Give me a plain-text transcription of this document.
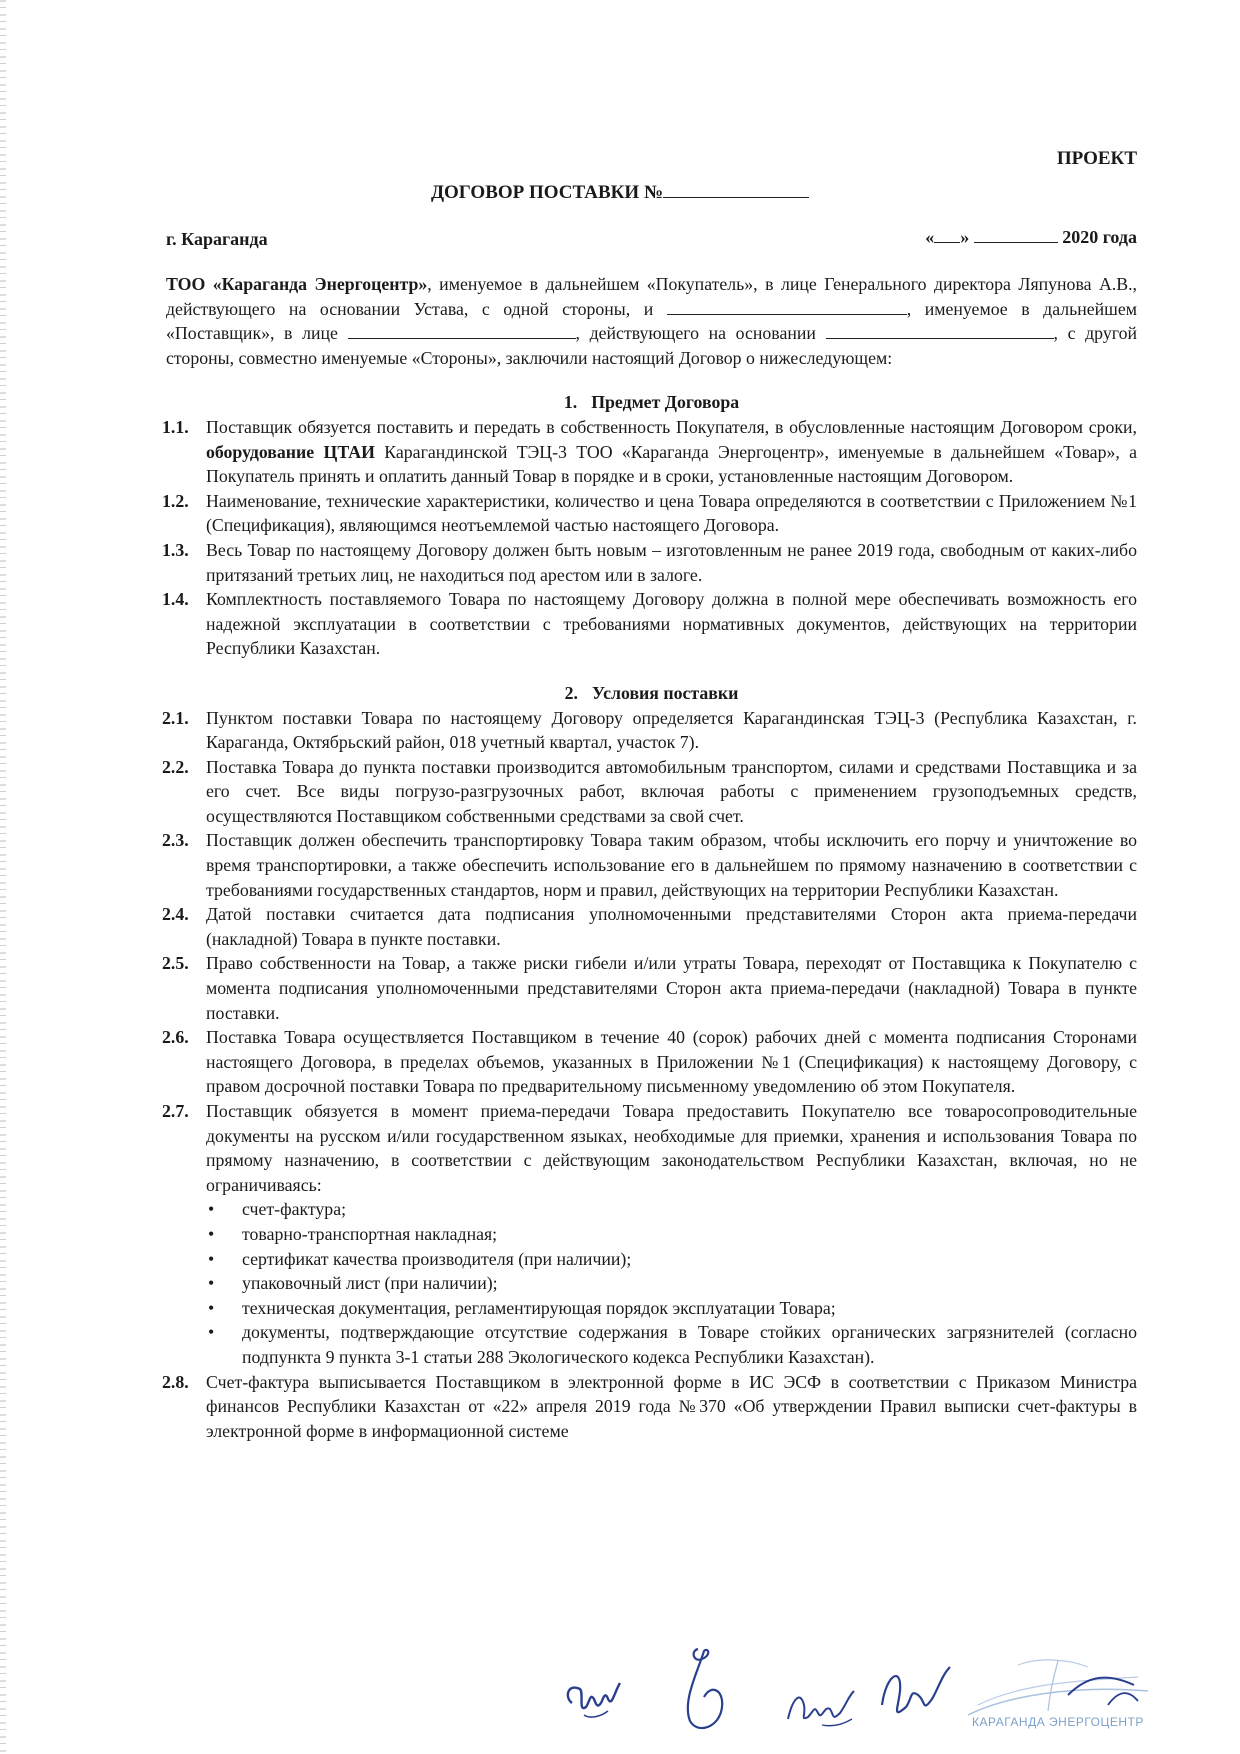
ПРОЕКТ
ДОГОВОР ПОСТАВКИ №
г. Караганда	« »	2020 года

ТОО «Караганда Энергоцентр», именуемое в дальнейшем «Покупатель», в лице Генерального директора Ляпунова А.В., действующего на основании Устава, с одной стороны, и	, именуемое в дальнейшем «Поставщик», в лице	, действующего на основании	, с другой стороны, совместно именуемые «Стороны», заключили настоящий Договор о нижеследующем:

1. Предмет Договора
1.1. Поставщик обязуется поставить и передать в собственность Покупателя, в обусловленные настоящим Договором сроки, оборудование ЦТАИ Карагандинской ТЭЦ-3 ТОО «Караганда Энергоцентр», именуемые в дальнейшем «Товар», а Покупатель принять и оплатить данный Товар в порядке и в сроки, установленные настоящим Договором.
1.2. Наименование, технические характеристики, количество и цена Товара определяются в соответствии с Приложением №1 (Спецификация), являющимся неотъемлемой частью настоящего Договора.
1.3. Весь Товар по настоящему Договору должен быть новым – изготовленным не ранее 2019 года, свободным от каких-либо притязаний третьих лиц, не находиться под арестом или в залоге.
1.4. Комплектность поставляемого Товара по настоящему Договору должна в полной мере обеспечивать возможность его надежной эксплуатации в соответствии с требованиями нормативных документов, действующих на территории Республики Казахстан.
2. Условия поставки
2.1. Пунктом поставки Товара по настоящему Договору определяется Карагандинская ТЭЦ-3 (Республика Казахстан, г. Караганда, Октябрьский район, 018 учетный квартал, участок 7).
2.2. Поставка Товара до пункта поставки производится автомобильным транспортом, силами и средствами Поставщика и за его счет. Все виды погрузо-разгрузочных работ, включая работы с применением грузоподъемных средств, осуществляются Поставщиком собственными средствами за свой счет.
2.3. Поставщик должен обеспечить транспортировку Товара таким образом, чтобы исключить его порчу и уничтожение во время транспортировки, а также обеспечить использование его в дальнейшем по прямому назначению в соответствии с требованиями государственных стандартов, норм и правил, действующих на территории Республики Казахстан.
2.4. Датой поставки считается дата подписания уполномоченными представителями Сторон акта приема-передачи (накладной) Товара в пункте поставки.
2.5. Право собственности на Товар, а также риски гибели и/или утраты Товара, переходят от Поставщика к Покупателю с момента подписания уполномоченными представителями Сторон акта приема-передачи (накладной) Товара в пункте поставки.
2.6. Поставка Товара осуществляется Поставщиком в течение 40 (сорок) рабочих дней с момента подписания Сторонами настоящего Договора, в пределах объемов, указанных в Приложении №1 (Спецификация) к настоящему Договору, с правом досрочной поставки Товара по предварительному письменному уведомлению об этом Покупателя.
2.7. Поставщик обязуется в момент приема-передачи Товара предоставить Покупателю все товаросопроводительные документы на русском и/или государственном языках, необходимые для приемки, хранения и использования Товара по прямому назначению, в соответствии с действующим законодательством Республики Казахстан, включая, но не ограничиваясь:
• счет-фактура;
• товарно-транспортная накладная;
• сертификат качества производителя (при наличии);
• упаковочный лист (при наличии);
• техническая документация, регламентирующая порядок эксплуатации Товара;
• документы, подтверждающие отсутствие содержания в Товаре стойких органических загрязнителей (согласно подпункта 9 пункта 3-1 статьи 288 Экологического кодекса Республики Казахстан).
2.8. Счет-фактура выписывается Поставщиком в электронной форме в ИС ЭСФ в соответствии с Приказом Министра финансов Республики Казахстан от «22» апреля 2019 года №370 «Об утверждении Правил выписки счет-фактуры в электронной форме в информационной системе
КАРАГАНДА ЭНЕРГОЦЕНТР
